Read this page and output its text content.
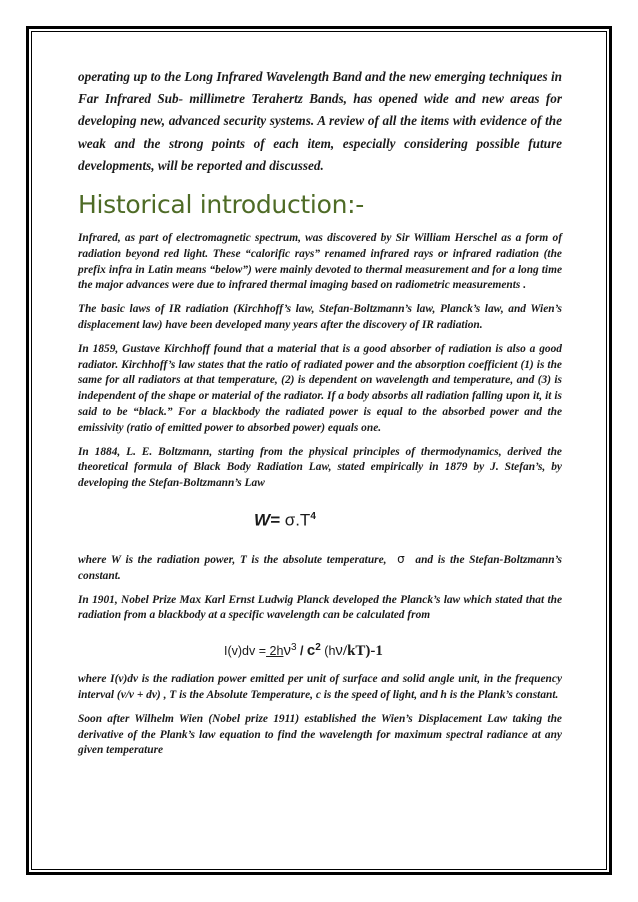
operating up to the Long Infrared Wavelength Band and the new emerging techniques in Far Infrared Sub- millimetre Terahertz Bands, has opened wide and new areas for developing new, advanced security systems. A review of all the items with evidence of the weak and the strong points of each item, especially considering possible future developments, will be reported and discussed.

Historical introduction:-

Infrared, as part of electromagnetic spectrum, was discovered by Sir William Herschel as a form of radiation beyond red light. These “calorific rays” renamed infrared rays or infrared radiation (the prefix infra in Latin means “below”) were mainly devoted to thermal measurement and for a long time the major advances were due to infrared thermal imaging based on radiometric measurements .

The basic laws of IR radiation (Kirchhoff’s law, Stefan-Boltzmann’s law, Planck’s law, and Wien’s displacement law) have been developed many years after the discovery of IR radiation.

In 1859, Gustave Kirchhoff found that a material that is a good absorber of radiation is also a good radiator. Kirchhoff’s law states that the ratio of radiated power and the absorption coefficient (1) is the same for all radiators at that temperature, (2) is dependent on wavelength and temperature, and (3) is independent of the shape or material of the radiator. If a body absorbs all radiation falling upon it, it is said to be “black.” For a blackbody the radiated power is equal to the absorbed power and the emissivity (ratio of emitted power to absorbed power) equals one.

In 1884, L. E. Boltzmann, starting from the physical principles of thermodynamics, derived the theoretical formula of Black Body Radiation Law, stated empirically in 1879 by J. Stefan’s, by developing the Stefan-Boltzmann’s Law

$W= \sigma.T^4$

where W is the radiation power, T is the absolute temperature, σ and is the Stefan-Boltzmann’s constant.

In 1901, Nobel Prize Max Karl Ernst Ludwig Planck developed the Planck’s law which stated that the radiation from a blackbody at a specific wavelength can be calculated from

$I(v)dv = 2h\nu^3 / c^2$ (hν/kT)-1

where I(v)dv is the radiation power emitted per unit of surface and solid angle unit, in the frequency interval (v/v + dv) , T is the Absolute Temperature, c is the speed of light, and h is the Plank’s constant.

Soon after Wilhelm Wien (Nobel prize 1911) established the Wien’s Displacement Law taking the derivative of the Plank’s law equation to find the wavelength for maximum spectral radiance at any given temperature
